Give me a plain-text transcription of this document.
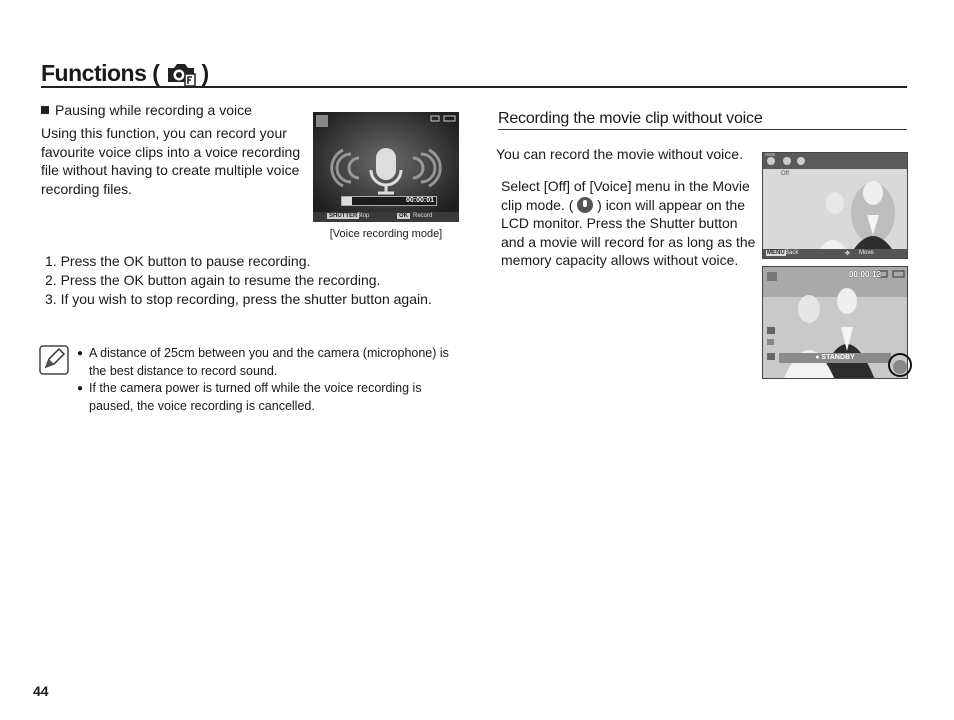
Functions ( )
Pausing while recording a voice
Using this function, you can record your favourite voice clips into a voice recording file without having to create multiple voice recording files.
00:00:01
SHUTTER Stop	OK Record
[Voice recording mode]
1. Press the OK button to pause recording.
2. Press the OK button again to resume the recording.
3. If you wish to stop recording, press the shutter button again.
● A distance of 25cm between you and the camera (microphone) is the best distance to record sound.
● If the camera power is turned off while the voice recording is paused, the voice recording is cancelled.
Recording the movie clip without voice
You can record the movie without voice.
Select [Off] of [Voice] menu in the Movie clip mode. ( ) icon will appear on the LCD monitor. Press the Shutter button and a movie will record for as long as the memory capacity allows without voice.
Off
MENU Back	✥ Move
00:00:12
● STANDBY
44
